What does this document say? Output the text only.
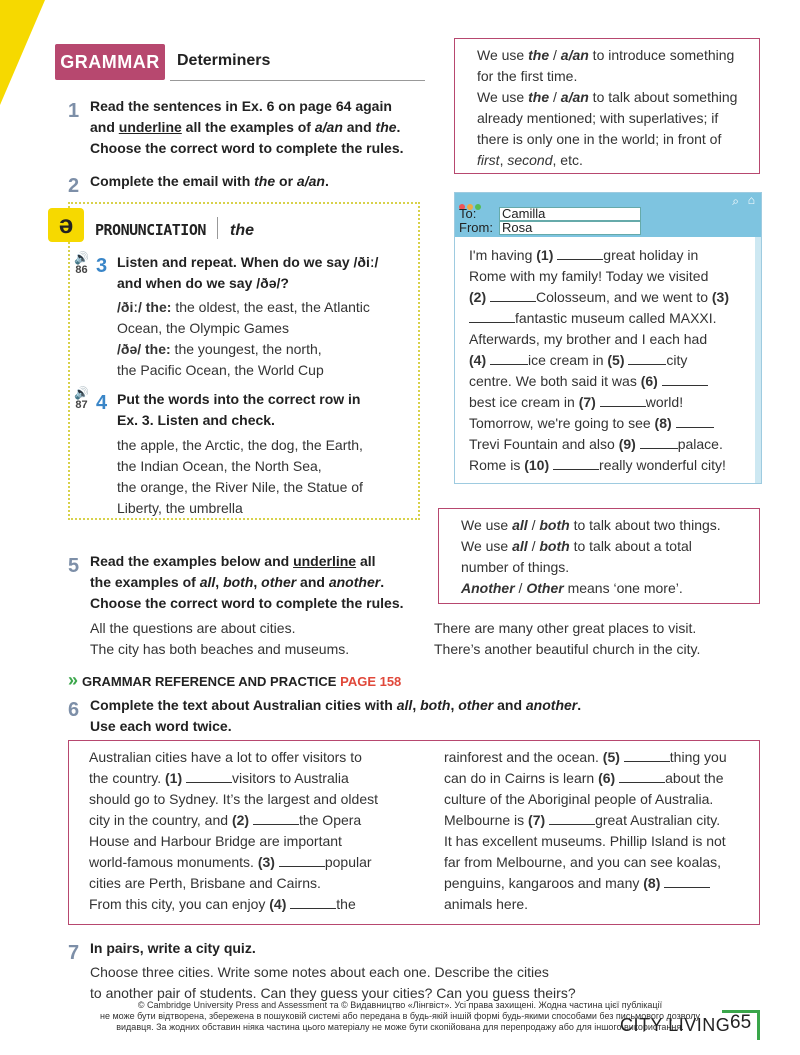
GRAMMAR	Determiners	We use the / a/an to introduce something

for the first time.

We use the / a/an to talk about something

already mentioned; with superlatives; if

there is only one in the world; in front of

first, second, etc.

1 Read the sentences in Ex. 6 on page 64 again
and underline all the examples of a/an and the.
Choose the correct word to complete the rules.
2 Complete the email with the or a/an.
ə	PRONUNCIATION the
🔊
86 3 Listen and repeat. When do we say /ðiː/
and when do we say /ðə/?
/ðiː/ the: the oldest, the east, the Atlantic
Ocean, the Olympic Games
/ðə/ the: the youngest, the north,
the Pacific Ocean, the World Cup
🔊
87 4 Put the words into the correct row in
Ex. 3. Listen and check.
the apple, the Arctic, the dog, the Earth,
the Indian Ocean, the North Sea,
the orange, the River Nile, the Statue of
Liberty, the umbrella
⌕ ⌂
To: Camilla
From: Rosa
I'm having (1)	great holiday in
Rome with my family! Today we visited
(2)	Colosseum, and we went to (3)
fantastic museum called MAXXI.
Afterwards, my brother and I each had
(4)	ice cream in (5)	city
centre. We both said it was (6)
best ice cream in (7)	world!
Tomorrow, we're going to see (8)
Trevi Fountain and also (9)	palace.
Rome is (10)	really wonderful city!

We use all / both to talk about two things.

We use all / both to talk about a total

number of things.

Another / Other means ‘one more’.

5 Read the examples below and underline all
the examples of all, both, other and another.
Choose the correct word to complete the rules.
All the questions are about cities.
The city has both beaches and museums.
There are many other great places to visit.
There’s another beautiful church in the city.
» GRAMMAR REFERENCE AND PRACTICE PAGE 158
6 Complete the text about Australian cities with all, both, other and another.
Use each word twice.
Australian cities have a lot to offer visitors to
the country. (1)	visitors to Australia
should go to Sydney. It’s the largest and oldest
city in the country, and (2)	the Opera
House and Harbour Bridge are important
world-famous monuments. (3)	popular
cities are Perth, Brisbane and Cairns.
From this city, you can enjoy (4)	the
rainforest and the ocean. (5)	thing you
can do in Cairns is learn (6)	about the
culture of the Aboriginal people of Australia.
Melbourne is (7)	great Australian city.
It has excellent museums. Phillip Island is not
far from Melbourne, and you can see koalas,
penguins, kangaroos and many (8)
animals here.
7 In pairs, write a city quiz.
Choose three cities. Write some notes about each one. Describe the cities
to another pair of students. Can they guess your cities? Can you guess theirs?
© Cambridge University Press and Assessment та © Видавництво «Лінгвіст». Усі права захищені. Жодна частина цієї публікації
не може бути відтворена, збережена в пошуковій системі або передана в будь-якій іншій формі будь-якими способами без письмового дозволу
видавця. За жодних обставин ніяка частина цього матеріалу не може бути скопійована для перепродажу або для іншого використання.
CITY LIVING 65
